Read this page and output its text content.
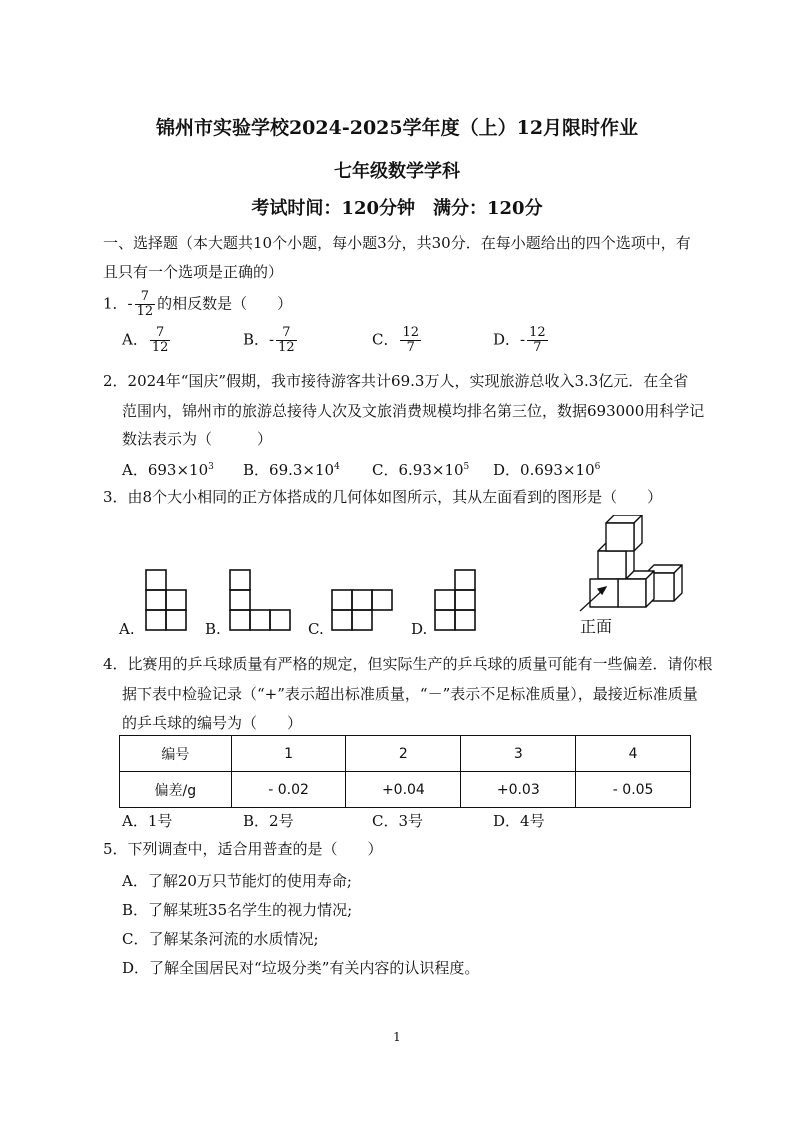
锦州市实验学校2024-2025学年度（上）12月限时作业
七年级数学学科
考试时间：120分钟　满分：120分
一、选择题（本大题共10个小题，每小题3分，共30分．在每小题给出的四个选项中，有
且只有一个选项是正确的）
1．- $\frac{7}{12}$ 的相反数是（　　）
A． $\frac{7}{12}$	B．- $\frac{7}{12}$	C． $\frac{12}{7}$	D．- $\frac{12}{7}$
2．2024年“国庆”假期，我市接待游客共计69.3万人，实现旅游总收入3.3亿元．在全省
范围内，锦州市的旅游总接待人次及文旅消费规模均排名第三位，数据693000用科学记
数法表示为（　　　）
A．$693\times 10^3$ B．$69.3\times 10^4$ C．$6.93\times 10^5$ D．$0.693\times 10^6$
3．由8个大小相同的正方体搭成的几何体如图所示，其从左面看到的图形是（　　）
A.	B.	C.	D.	正面
4．比赛用的乒乓球质量有严格的规定，但实际生产的乒乓球的质量可能有一些偏差．请你根
据下表中检验记录（“+”表示超出标准质量，“－”表示不足标准质量），最接近标准质量
的乒乓球的编号为（　　）
编号	1	2	3	4
偏差/g	- 0.02	+0.04	+0.03	- 0.05
A．1号	B．2号	C．3号	D．4号
5．下列调查中，适合用普查的是（　　）
A．了解20万只节能灯的使用寿命;
B．了解某班35名学生的视力情况;
C．了解某条河流的水质情况;
D．了解全国居民对“垃圾分类”有关内容的认识程度。
1
